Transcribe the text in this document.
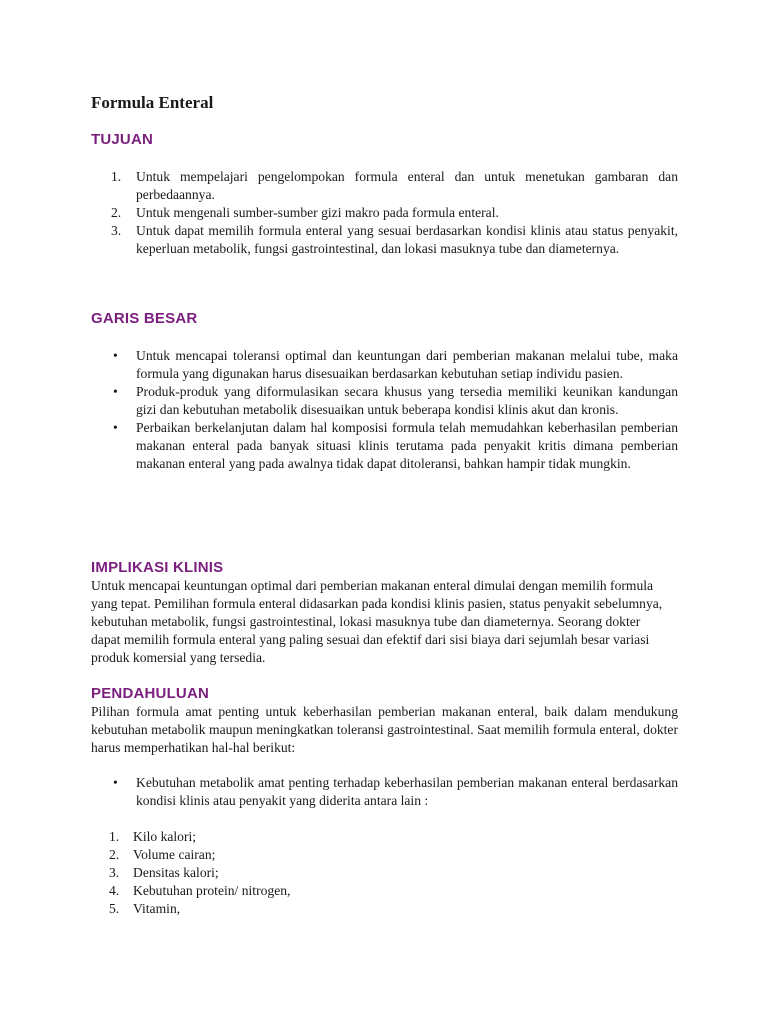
Formula Enteral
TUJUAN
1. Untuk mempelajari pengelompokan formula enteral dan untuk menetukan gambaran dan perbedaannya.
2. Untuk mengenali sumber-sumber gizi makro pada formula enteral.
3. Untuk dapat memilih formula enteral yang sesuai berdasarkan kondisi klinis atau status penyakit, keperluan metabolik, fungsi gastrointestinal, dan lokasi masuknya tube dan diameternya.
GARIS BESAR
• Untuk mencapai toleransi optimal dan keuntungan dari pemberian makanan melalui tube, maka formula yang digunakan harus disesuaikan berdasarkan kebutuhan setiap individu pasien.
• Produk-produk yang diformulasikan secara khusus yang tersedia memiliki keunikan kandungan gizi dan kebutuhan metabolik disesuaikan untuk beberapa kondisi klinis akut dan kronis.
• Perbaikan berkelanjutan dalam hal komposisi formula telah memudahkan keberhasilan pemberian makanan enteral pada banyak situasi klinis terutama pada penyakit kritis dimana pemberian makanan enteral yang pada awalnya tidak dapat ditoleransi, bahkan hampir tidak mungkin.
IMPLIKASI KLINIS

Untuk mencapai keuntungan optimal dari pemberian makanan enteral dimulai dengan memilih formula yang tepat. Pemilihan formula enteral didasarkan pada kondisi klinis pasien, status penyakit sebelumnya, kebutuhan metabolik, fungsi gastrointestinal, lokasi masuknya tube dan diameternya. Seorang dokter dapat memilih formula enteral yang paling sesuai dan efektif dari sisi biaya dari sejumlah besar variasi produk komersial yang tersedia.

PENDAHULUAN

Pilihan formula amat penting untuk keberhasilan pemberian makanan enteral, baik dalam mendukung kebutuhan metabolik maupun meningkatkan toleransi gastrointestinal. Saat memilih formula enteral, dokter harus memperhatikan hal-hal berikut:

• Kebutuhan metabolik amat penting terhadap keberhasilan pemberian makanan enteral berdasarkan kondisi klinis atau penyakit yang diderita antara lain :
1. Kilo kalori;
2. Volume cairan;
3. Densitas kalori;
4. Kebutuhan protein/ nitrogen,
5. Vitamin,
